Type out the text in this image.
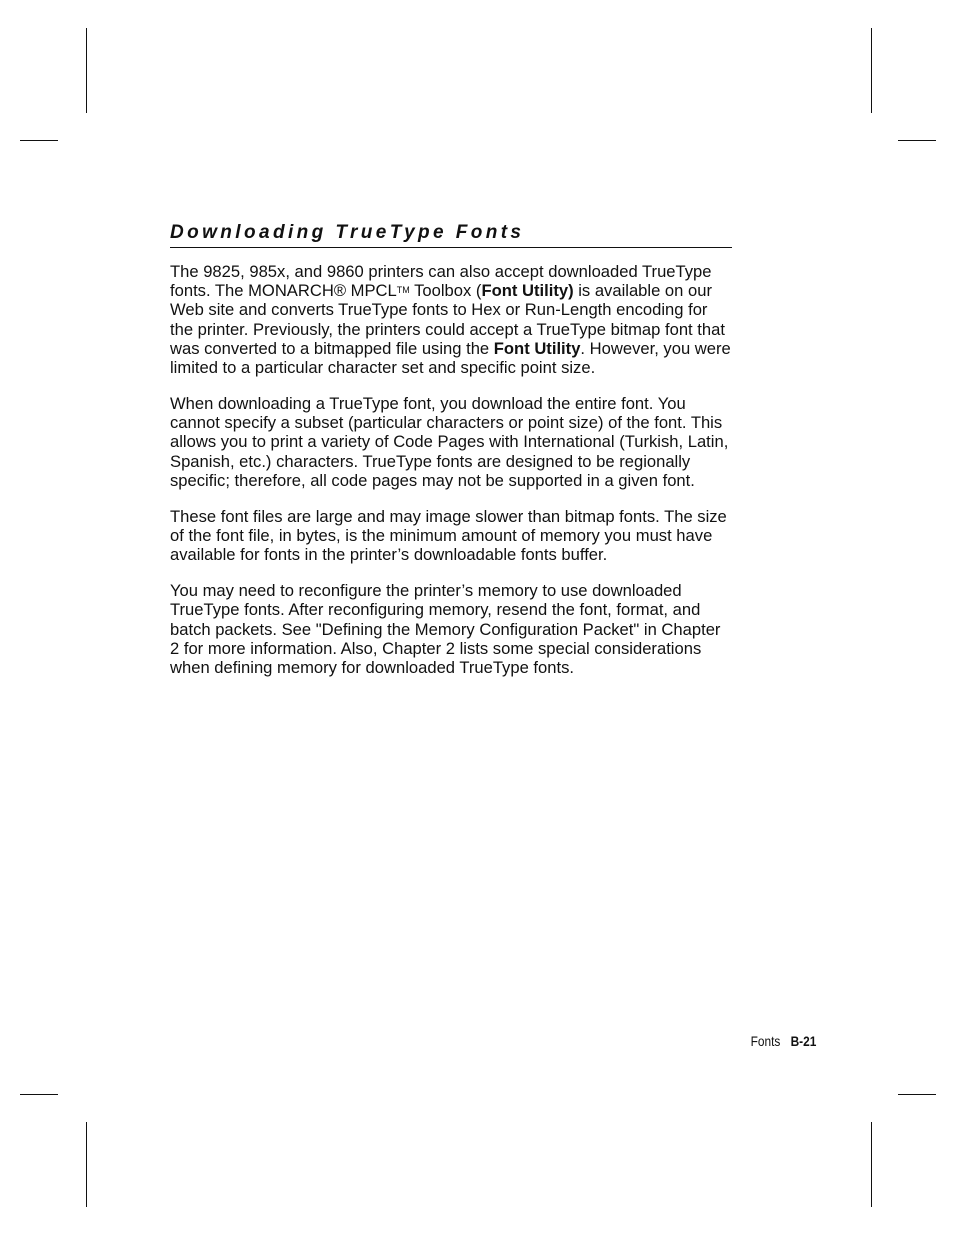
Downloading TrueType Fonts

The 9825, 985x, and 9860 printers can also accept downloaded TrueType fonts. The MONARCH® MPCLTM Toolbox (Font Utility) is available on our Web site and converts TrueType fonts to Hex or Run-Length encoding for the printer. Previously, the printers could accept a TrueType bitmap font that was converted to a bitmapped file using the Font Utility. However, you were limited to a particular character set and specific point size.

When downloading a TrueType font, you download the entire font. You cannot specify a subset (particular characters or point size) of the font. This allows you to print a variety of Code Pages with International (Turkish, Latin, Spanish, etc.) characters. TrueType fonts are designed to be regionally specific; therefore, all code pages may not be supported in a given font.

These font files are large and may image slower than bitmap fonts. The size of the font file, in bytes, is the minimum amount of memory you must have available for fonts in the printer’s downloadable fonts buffer.

You may need to reconfigure the printer’s memory to use downloaded TrueType fonts. After reconfiguring memory, resend the font, format, and batch packets. See "Defining the Memory Configuration Packet" in Chapter 2 for more information. Also, Chapter 2 lists some special considerations when defining memory for downloaded TrueType fonts.

Fonts B-21
